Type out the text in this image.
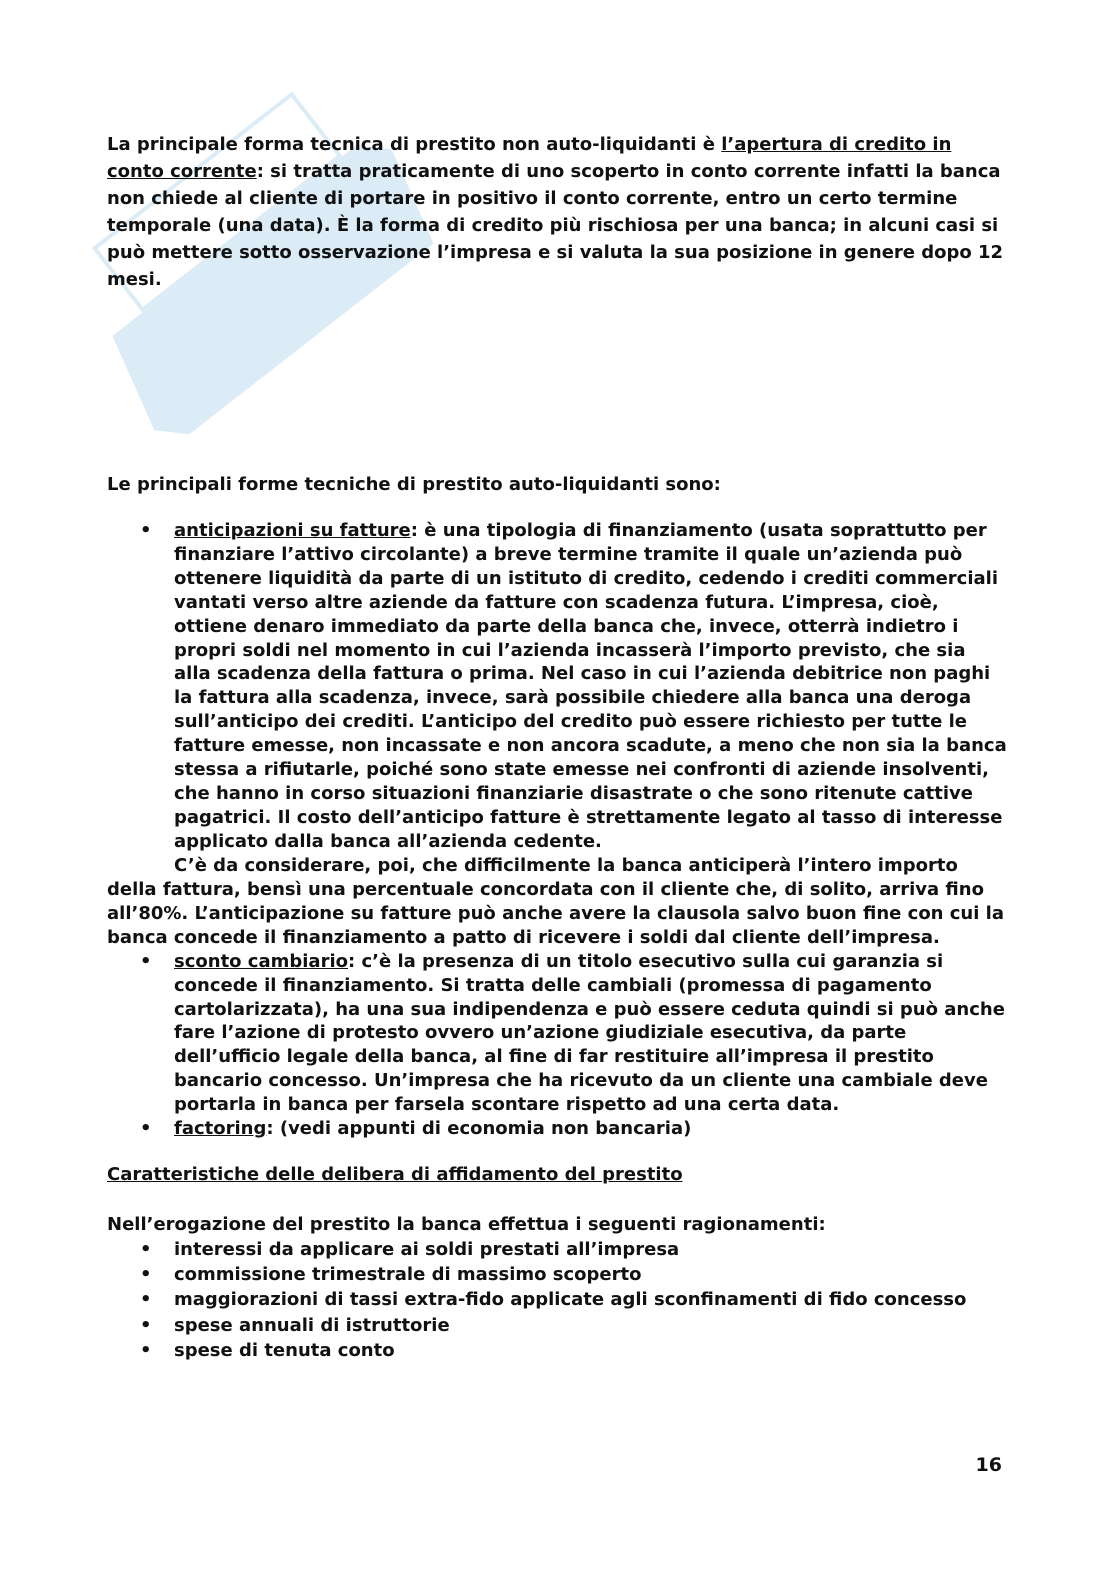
La principale forma tecnica di prestito non auto-liquidanti è l’apertura di credito in conto corrente: si tratta praticamente di uno scoperto in conto corrente infatti la banca non chiede al cliente di portare in positivo il conto corrente, entro un certo termine temporale (una data). È la forma di credito più rischiosa per una banca; in alcuni casi si può mettere sotto osservazione l’impresa e si valuta la sua posizione in genere dopo 12 mesi.
Le principali forme tecniche di prestito auto-liquidanti sono:
• anticipazioni su fatture: è una tipologia di finanziamento (usata soprattutto per finanziare l’attivo circolante) a breve termine tramite il quale un’azienda può ottenere liquidità da parte di un istituto di credito, cedendo i crediti commerciali vantati verso altre aziende da fatture con scadenza futura. L’impresa, cioè, ottiene denaro immediato da parte della banca che, invece, otterrà indietro i propri soldi nel momento in cui l’azienda incasserà l’importo previsto, che sia alla scadenza della fattura o prima. Nel caso in cui l’azienda debitrice non paghi la fattura alla scadenza, invece, sarà possibile chiedere alla banca una deroga sull’anticipo dei crediti. L’anticipo del credito può essere richiesto per tutte le fatture emesse, non incassate e non ancora scadute, a meno che non sia la banca stessa a rifiutarle, poiché sono state emesse nei confronti di aziende insolventi, che hanno in corso situazioni finanziarie disastrate o che sono ritenute cattive pagatrici. Il costo dell’anticipo fatture è strettamente legato al tasso di interesse applicato dalla banca all’azienda cedente.
C’è da considerare, poi, che difficilmente la banca anticiperà l’intero importo della fattura, bensì una percentuale concordata con il cliente che, di solito, arriva fino all’80%. L’anticipazione su fatture può anche avere la clausola salvo buon fine con cui la banca concede il finanziamento a patto di ricevere i soldi dal cliente dell’impresa.
• sconto cambiario: c’è la presenza di un titolo esecutivo sulla cui garanzia si concede il finanziamento. Si tratta delle cambiali (promessa di pagamento cartolarizzata), ha una sua indipendenza e può essere ceduta quindi si può anche fare l’azione di protesto ovvero un’azione giudiziale esecutiva, da parte dell’ufficio legale della banca, al fine di far restituire all’impresa il prestito bancario concesso. Un’impresa che ha ricevuto da un cliente una cambiale deve portarla in banca per farsela scontare rispetto ad una certa data.
• factoring: (vedi appunti di economia non bancaria)
Caratteristiche delle delibera di affidamento del prestito
Nell’erogazione del prestito la banca effettua i seguenti ragionamenti:
• interessi da applicare ai soldi prestati all’impresa
• commissione trimestrale di massimo scoperto
• maggiorazioni di tassi extra-fido applicate agli sconfinamenti di fido concesso
• spese annuali di istruttorie
• spese di tenuta conto
16
